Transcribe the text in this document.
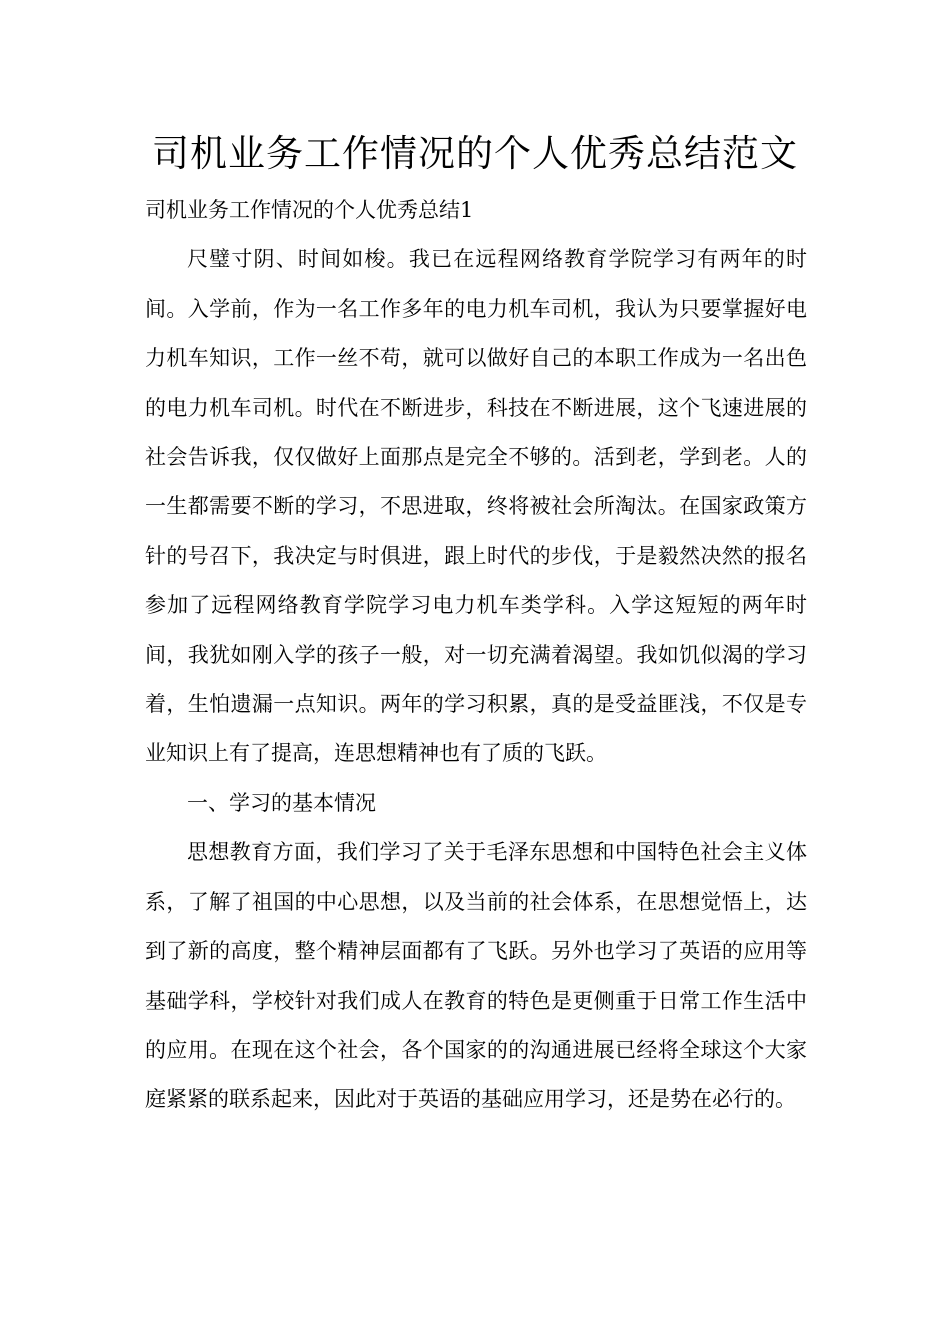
司机业务工作情况的个人优秀总结范文

司机业务工作情况的个人优秀总结1

尺璧寸阴、时间如梭。我已在远程网络教育学院学习有两年的时间。入学前，作为一名工作多年的电力机车司机，我认为只要掌握好电力机车知识，工作一丝不苟，就可以做好自己的本职工作成为一名出色的电力机车司机。时代在不断进步，科技在不断进展，这个飞速进展的社会告诉我，仅仅做好上面那点是完全不够的。活到老，学到老。人的一生都需要不断的学习，不思进取，终将被社会所淘汰。在国家政策方针的号召下，我决定与时俱进，跟上时代的步伐，于是毅然决然的报名参加了远程网络教育学院学习电力机车类学科。入学这短短的两年时间，我犹如刚入学的孩子一般，对一切充满着渴望。我如饥似渴的学习着，生怕遗漏一点知识。两年的学习积累，真的是受益匪浅，不仅是专业知识上有了提高，连思想精神也有了质的飞跃。

一、学习的基本情况

思想教育方面，我们学习了关于毛泽东思想和中国特色社会主义体系，了解了祖国的中心思想，以及当前的社会体系，在思想觉悟上，达到了新的高度，整个精神层面都有了飞跃。另外也学习了英语的应用等基础学科，学校针对我们成人在教育的特色是更侧重于日常工作生活中的应用。在现在这个社会，各个国家的的沟通进展已经将全球这个大家庭紧紧的联系起来，因此对于英语的基础应用学习，还是势在必行的。
